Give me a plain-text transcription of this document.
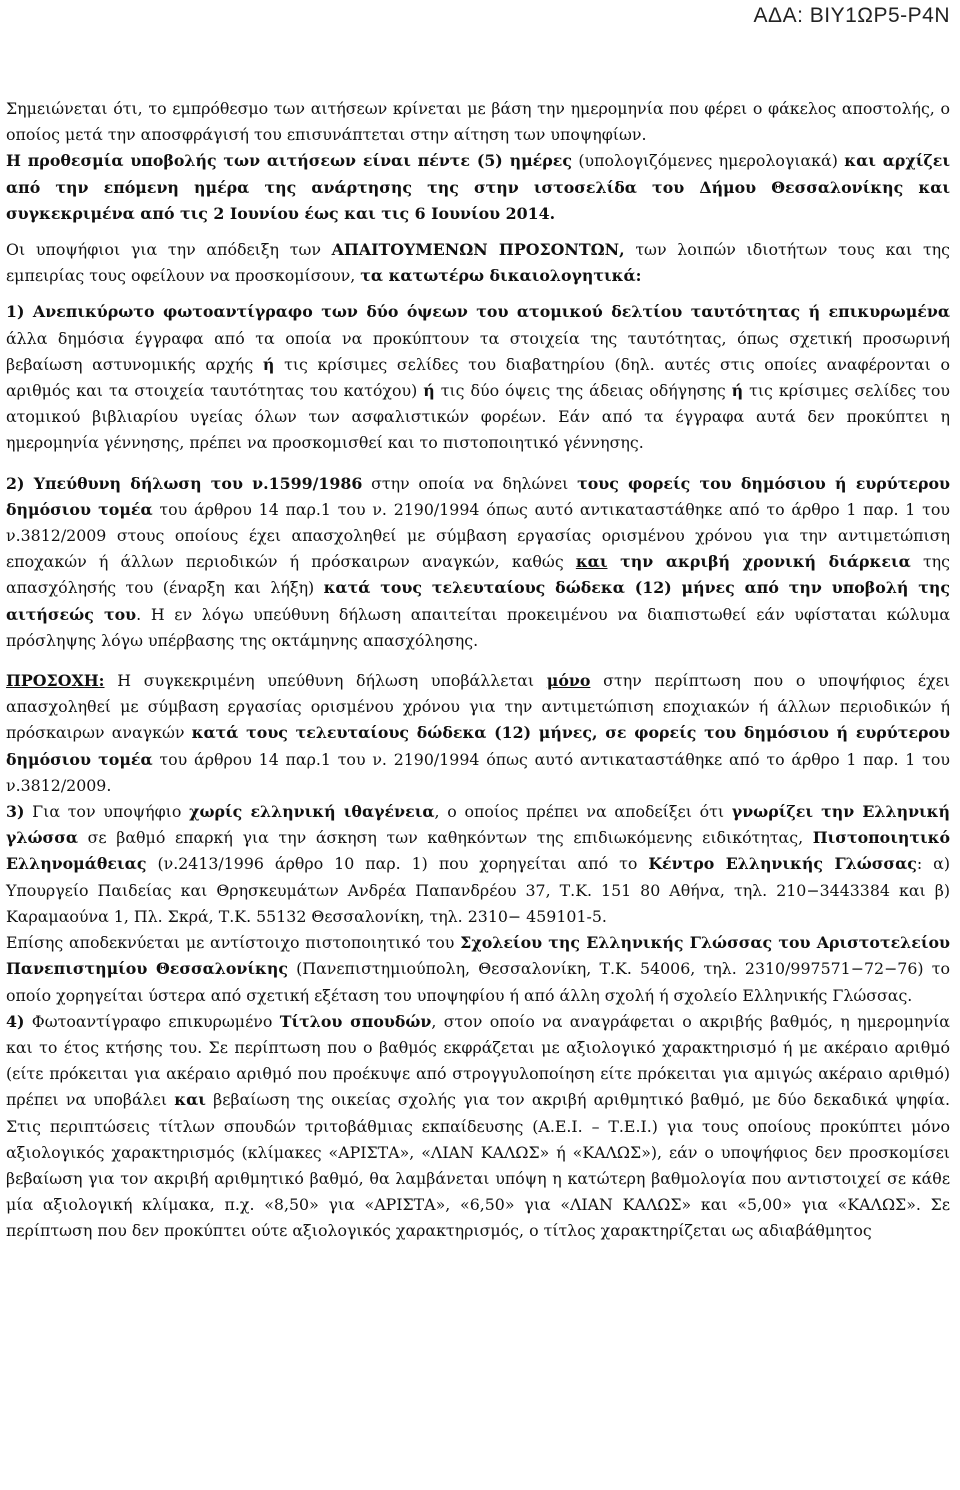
ΑΔΑ: ΒΙΥ1ΩΡ5-Ρ4Ν

Σημειώνεται ότι, το εμπρόθεσμο των αιτήσεων κρίνεται με βάση την ημερομηνία που φέρει ο φάκελος αποστολής, ο οποίος μετά την αποσφράγισή του επισυνάπτεται στην αίτηση των υποψηφίων.

Η προθεσμία υποβολής των αιτήσεων είναι πέντε (5) ημέρες (υπολογιζόμενες ημερολογιακά) και αρχίζει από την επόμενη ημέρα της ανάρτησης της στην ιστοσελίδα του Δήμου Θεσσαλονίκης και συγκεκριμένα από τις 2 Ιουνίου έως και τις 6 Ιουνίου 2014.

Οι υποψήφιοι για την απόδειξη των ΑΠΑΙΤΟΥΜΕΝΩΝ ΠΡΟΣΟΝΤΩΝ, των λοιπών ιδιοτήτων τους και της εμπειρίας τους οφείλουν να προσκομίσουν, τα κατωτέρω δικαιολογητικά:

1) Ανεπικύρωτο φωτοαντίγραφο των δύο όψεων του ατομικού δελτίου ταυτότητας ή επικυρωμένα άλλα δημόσια έγγραφα από τα οποία να προκύπτουν τα στοιχεία της ταυτότητας, όπως σχετική προσωρινή βεβαίωση αστυνομικής αρχής ή τις κρίσιμες σελίδες του διαβατηρίου (δηλ. αυτές στις οποίες αναφέρονται ο αριθμός και τα στοιχεία ταυτότητας του κατόχου) ή τις δύο όψεις της άδειας οδήγησης ή τις κρίσιμες σελίδες του ατομικού βιβλιαρίου υγείας όλων των ασφαλιστικών φορέων. Εάν από τα έγγραφα αυτά δεν προκύπτει η ημερομηνία γέννησης, πρέπει να προσκομισθεί και το πιστοποιητικό γέννησης.

2) Υπεύθυνη δήλωση του ν.1599/1986 στην οποία να δηλώνει τους φορείς του δημόσιου ή ευρύτερου δημόσιου τομέα του άρθρου 14 παρ.1 του ν. 2190/1994 όπως αυτό αντικαταστάθηκε από το άρθρο 1 παρ. 1 του ν.3812/2009 στους οποίους έχει απασχοληθεί με σύμβαση εργασίας ορισμένου χρόνου για την αντιμετώπιση εποχακών ή άλλων περιοδικών ή πρόσκαιρων αναγκών, καθώς και την ακριβή χρονική διάρκεια της απασχόλησής του (έναρξη και λήξη) κατά τους τελευταίους δώδεκα (12) μήνες από την υποβολή της αιτήσεώς του. Η εν λόγω υπεύθυνη δήλωση απαιτείται προκειμένου να διαπιστωθεί εάν υφίσταται κώλυμα πρόσληψης λόγω υπέρβασης της οκτάμηνης απασχόλησης.

ΠΡΟΣΟΧΗ: Η συγκεκριμένη υπεύθυνη δήλωση υποβάλλεται μόνο στην περίπτωση που ο υποψήφιος έχει απασχοληθεί με σύμβαση εργασίας ορισμένου χρόνου για την αντιμετώπιση εποχιακών ή άλλων περιοδικών ή πρόσκαιρων αναγκών κατά τους τελευταίους δώδεκα (12) μήνες, σε φορείς του δημόσιου ή ευρύτερου δημόσιου τομέα του άρθρου 14 παρ.1 του ν. 2190/1994 όπως αυτό αντικαταστάθηκε από το άρθρο 1 παρ. 1 του ν.3812/2009.

3) Για τον υποψήφιο χωρίς ελληνική ιθαγένεια, ο οποίος πρέπει να αποδείξει ότι γνωρίζει την Ελληνική γλώσσα σε βαθμό επαρκή για την άσκηση των καθηκόντων της επιδιωκόμενης ειδικότητας, Πιστοποιητικό Ελληνομάθειας (ν.2413/1996 άρθρο 10 παρ. 1) που χορηγείται από το Κέντρο Ελληνικής Γλώσσας: α) Υπουργείο Παιδείας και Θρησκευμάτων Ανδρέα Παπανδρέου 37, Τ.Κ. 151 80 Αθήνα, τηλ. 210−3443384 και β) Καραμαούνα 1, Πλ. Σκρά, Τ.Κ. 55132 Θεσσαλονίκη, τηλ. 2310− 459101-5.

Επίσης αποδεκνύεται με αντίστοιχο πιστοποιητικό του Σχολείου της Ελληνικής Γλώσσας του Αριστοτελείου Πανεπιστημίου Θεσσαλονίκης (Πανεπιστημιούπολη, Θεσσαλονίκη, Τ.Κ. 54006, τηλ. 2310/997571−72−76) το οποίο χορηγείται ύστερα από σχετική εξέταση του υποψηφίου ή από άλλη σχολή ή σχολείο Ελληνικής Γλώσσας.

4) Φωτοαντίγραφο επικυρωμένο Τίτλου σπουδών, στον οποίο να αναγράφεται ο ακριβής βαθμός, η ημερομηνία και το έτος κτήσης του. Σε περίπτωση που ο βαθμός εκφράζεται με αξιολογικό χαρακτηρισμό ή με ακέραιο αριθμό (είτε πρόκειται για ακέραιο αριθμό που προέκυψε από στρογγυλοποίηση είτε πρόκειται για αμιγώς ακέραιο αριθμό) πρέπει να υποβάλει και βεβαίωση της οικείας σχολής για τον ακριβή αριθμητικό βαθμό, με δύο δεκαδικά ψηφία. Στις περιπτώσεις τίτλων σπουδών τριτοβάθμιας εκπαίδευσης (Α.Ε.Ι. – Τ.Ε.Ι.) για τους οποίους προκύπτει μόνο αξιολογικός χαρακτηρισμός (κλίμακες «ΑΡΙΣΤΑ», «ΛΙΑΝ ΚΑΛΩΣ» ή «ΚΑΛΩΣ»), εάν ο υποψήφιος δεν προσκομίσει βεβαίωση για τον ακριβή αριθμητικό βαθμό, θα λαμβάνεται υπόψη η κατώτερη βαθμολογία που αντιστοιχεί σε κάθε μία αξιολογική κλίμακα, π.χ. «8,50» για «ΑΡΙΣΤΑ», «6,50» για «ΛΙΑΝ ΚΑΛΩΣ» και «5,00» για «ΚΑΛΩΣ». Σε περίπτωση που δεν προκύπτει ούτε αξιολογικός χαρακτηρισμός, ο τίτλος χαρακτηρίζεται ως αδιαβάθμητος
